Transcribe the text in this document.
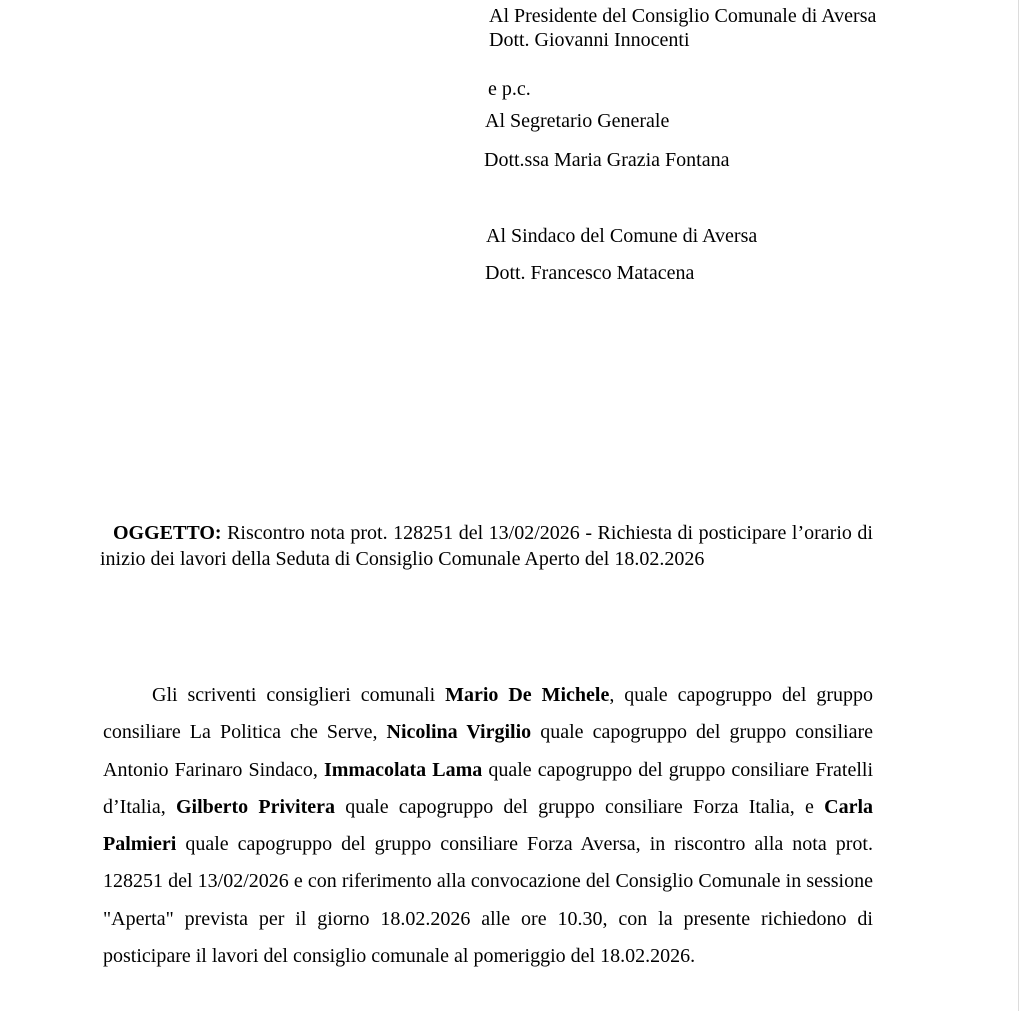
Al Presidente del Consiglio Comunale di Aversa
Dott. Giovanni Innocenti
e p.c.
Al Segretario Generale
Dott.ssa Maria Grazia Fontana
Al Sindaco del Comune di Aversa
Dott. Francesco Matacena

OGGETTO: Riscontro nota prot. 128251 del 13/02/2026 - Richiesta di posticipare l’orario di inizio dei lavori della Seduta di Consiglio Comunale Aperto del 18.02.2026

Gli scriventi consiglieri comunali Mario De Michele, quale capogruppo del gruppo consiliare La Politica che Serve, Nicolina Virgilio quale capogruppo del gruppo consiliare Antonio Farinaro Sindaco, Immacolata Lama quale capogruppo del gruppo consiliare Fratelli d’Italia, Gilberto Privitera quale capogruppo del gruppo consiliare Forza Italia, e Carla Palmieri quale capogruppo del gruppo consiliare Forza Aversa, in riscontro alla nota prot. 128251 del 13/02/2026 e con riferimento alla convocazione del Consiglio Comunale in sessione "Aperta" prevista per il giorno 18.02.2026 alle ore 10.30, con la presente richiedono di posticipare il lavori del consiglio comunale al pomeriggio del 18.02.2026.
